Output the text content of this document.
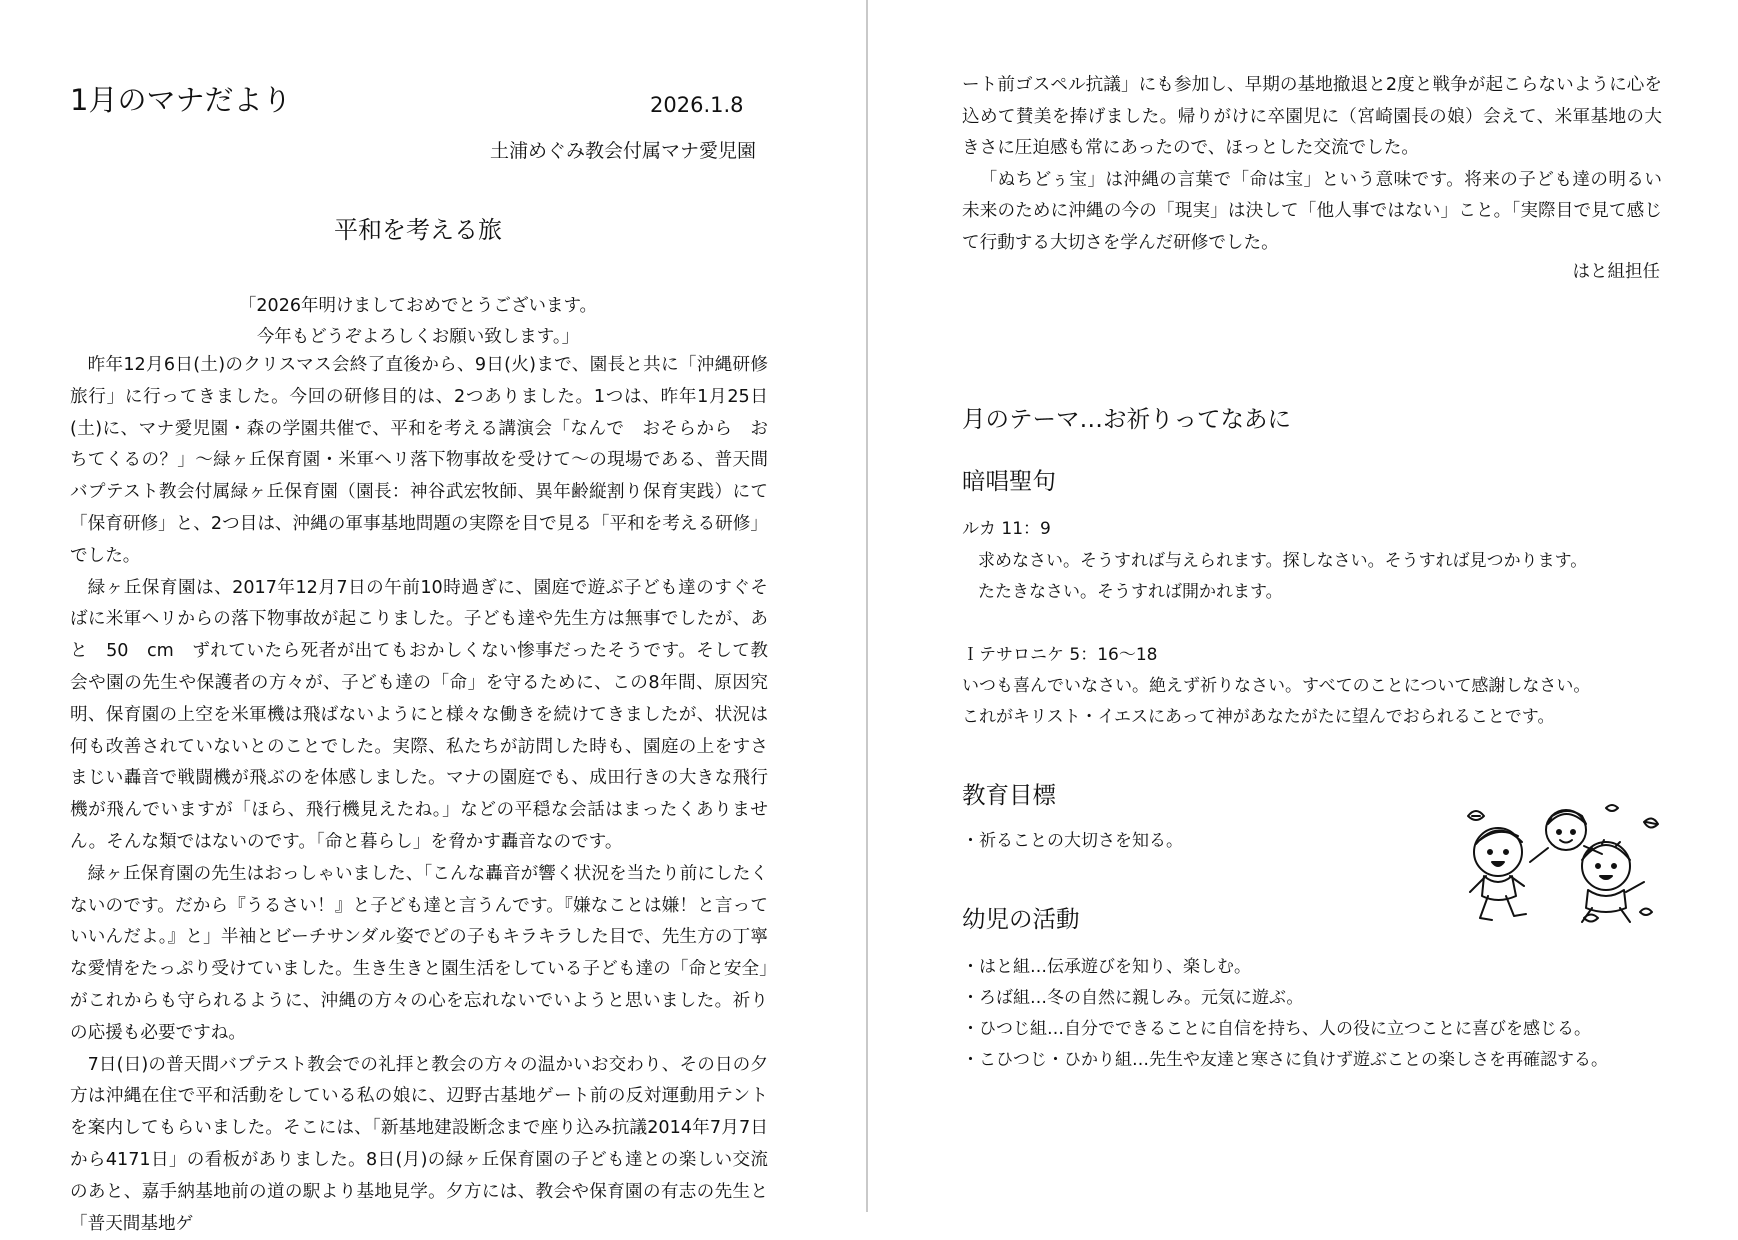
1月のマナだより	2026.1.8
土浦めぐみ教会付属マナ愛児園
平和を考える旅
「2026年明けましておめでとうございます。
今年もどうぞよろしくお願い致します。」

昨年12月6日(土)のクリスマス会終了直後から、9日(火)まで、園長と共に「沖縄研修旅行」に行ってきました。今回の研修目的は、2つありました。1つは、昨年1月25日(土)に、マナ愛児園・森の学園共催で、平和を考える講演会「なんで　おそらから　おちてくるの？」～緑ヶ丘保育園・米軍ヘリ落下物事故を受けて～の現場である、普天間バプテスト教会付属緑ヶ丘保育園（園長：神谷武宏牧師、異年齢縦割り保育実践）にて「保育研修」と、2つ目は、沖縄の軍事基地問題の実際を目で見る「平和を考える研修」でした。

緑ヶ丘保育園は、2017年12月7日の午前10時過ぎに、園庭で遊ぶ子ども達のすぐそばに米軍ヘリからの落下物事故が起こりました。子ども達や先生方は無事でしたが、あと　50　cm　ずれていたら死者が出てもおかしくない惨事だったそうです。そして教会や園の先生や保護者の方々が、子ども達の「命」を守るために、この8年間、原因究明、保育園の上空を米軍機は飛ばないようにと様々な働きを続けてきましたが、状況は何も改善されていないとのことでした。実際、私たちが訪問した時も、園庭の上をすさまじい轟音で戦闘機が飛ぶのを体感しました。マナの園庭でも、成田行きの大きな飛行機が飛んでいますが「ほら、飛行機見えたね。」などの平穏な会話はまったくありません。そんな類ではないのです。「命と暮らし」を脅かす轟音なのです。

緑ヶ丘保育園の先生はおっしゃいました、「こんな轟音が響く状況を当たり前にしたくないのです。だから『うるさい！』と子ども達と言うんです。『嫌なことは嫌！と言っていいんだよ。』と」半袖とビーチサンダル姿でどの子もキラキラした目で、先生方の丁寧な愛情をたっぷり受けていました。生き生きと園生活をしている子ども達の「命と安全」がこれからも守られるように、沖縄の方々の心を忘れないでいようと思いました。祈りの応援も必要ですね。

7日(日)の普天間バプテスト教会での礼拝と教会の方々の温かいお交わり、その日の夕方は沖縄在住で平和活動をしている私の娘に、辺野古基地ゲート前の反対運動用テントを案内してもらいました。そこには、「新基地建設断念まで座り込み抗議2014年7月7日から4171日」の看板がありました。8日(月)の緑ヶ丘保育園の子ども達との楽しい交流のあと、嘉手納基地前の道の駅より基地見学。夕方には、教会や保育園の有志の先生と「普天間基地ゲ

ート前ゴスペル抗議」にも参加し、早期の基地撤退と2度と戦争が起こらないように心を込めて賛美を捧げました。帰りがけに卒園児に（宮崎園長の娘）会えて、米軍基地の大きさに圧迫感も常にあったので、ほっとした交流でした。

「ぬちどぅ宝」は沖縄の言葉で「命は宝」という意味です。将来の子ども達の明るい未来のために沖縄の今の「現実」は決して「他人事ではない」こと。「実際目で見て感じて行動する大切さを学んだ研修でした。

はと組担任
月のテーマ…お祈りってなあに
暗唱聖句
ルカ 11：9
求めなさい。そうすれば与えられます。探しなさい。そうすれば見つかります。
たたきなさい。そうすれば開かれます。
Ｉテサロニケ 5：16～18
いつも喜んでいなさい。絶えず祈りなさい。すべてのことについて感謝しなさい。
これがキリスト・イエスにあって神があなたがたに望んでおられることです。
教育目標
・祈ることの大切さを知る。
幼児の活動
・はと組…伝承遊びを知り、楽しむ。
・ろば組…冬の自然に親しみ。元気に遊ぶ。
・ひつじ組…自分でできることに自信を持ち、人の役に立つことに喜びを感じる。
・こひつじ・ひかり組…先生や友達と寒さに負けず遊ぶことの楽しさを再確認する。
